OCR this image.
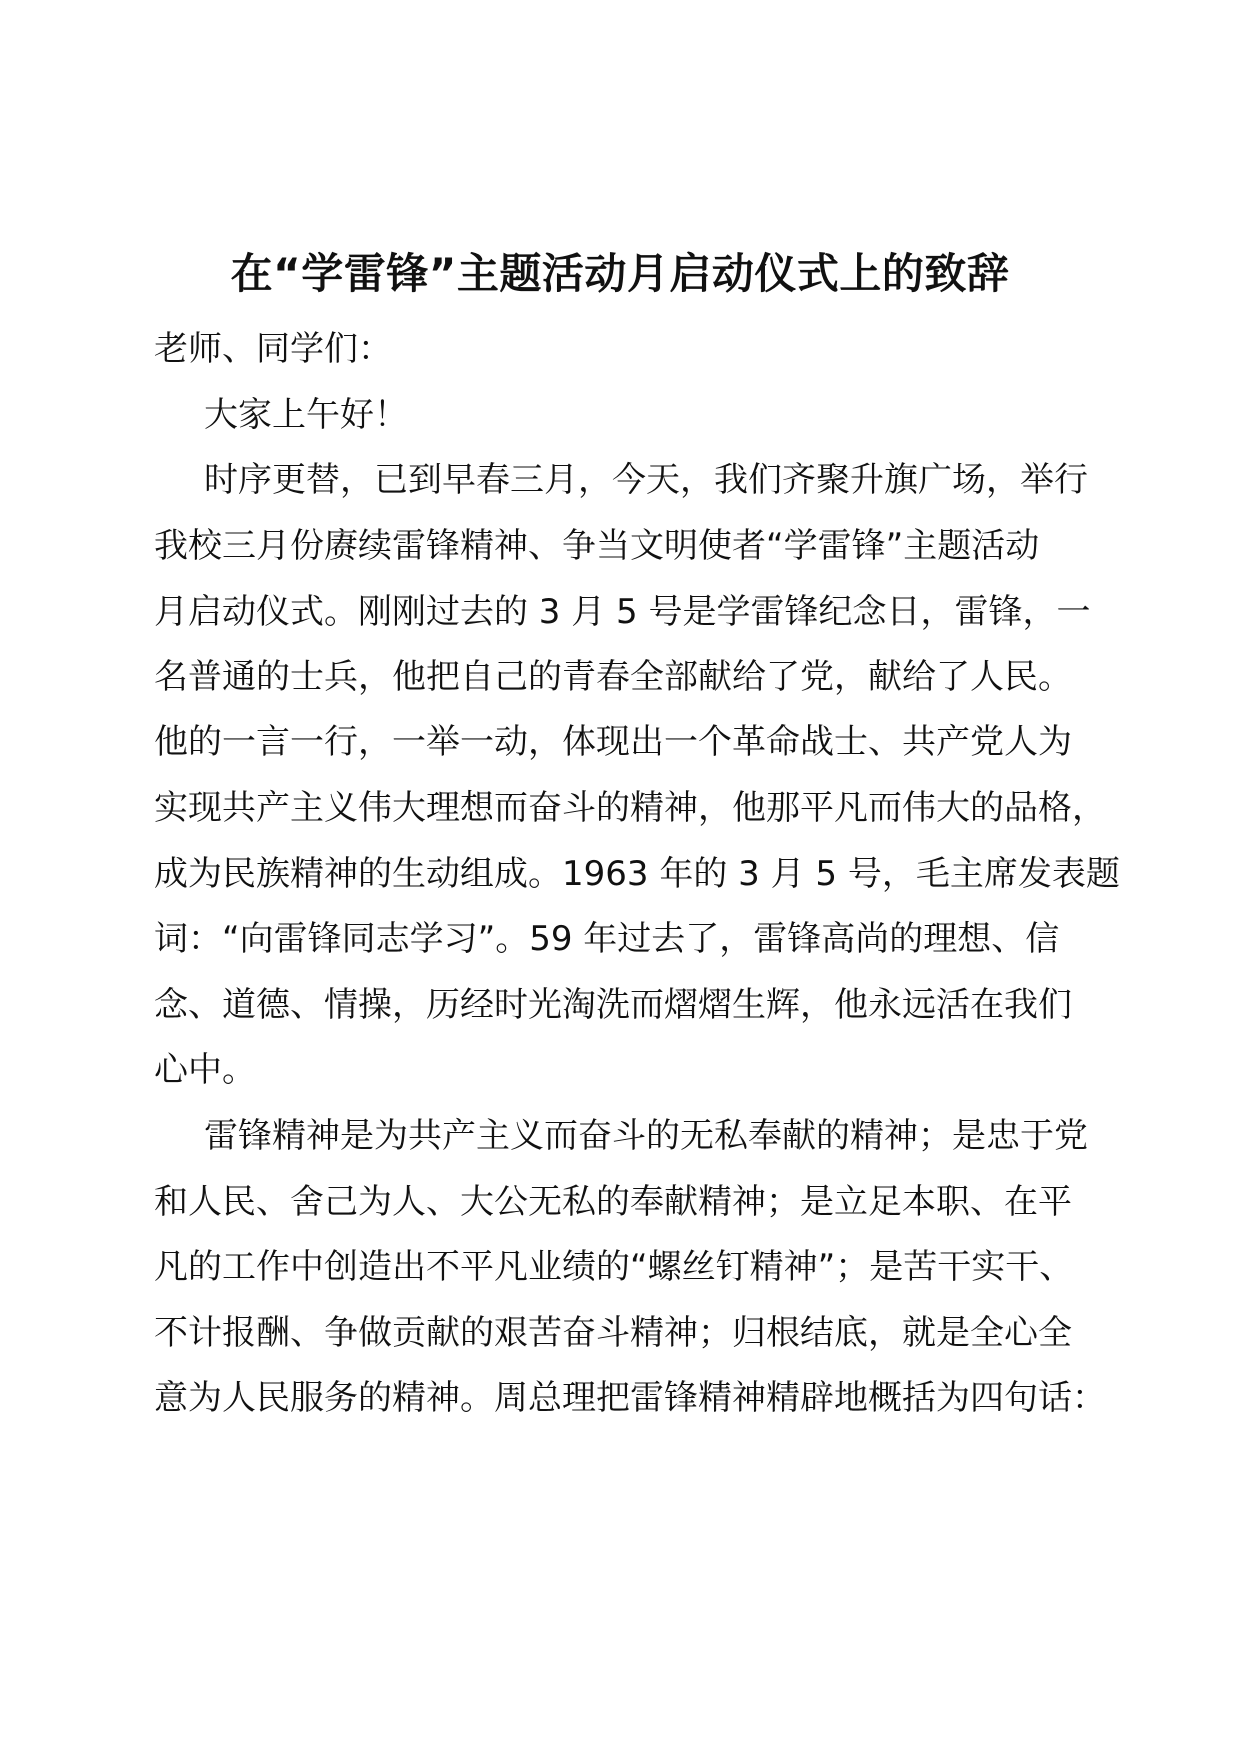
在“学雷锋”主题活动月启动仪式上的致辞
老师、同学们：
大家上午好！
时序更替，已到早春三月，今天，我们齐聚升旗广场，举行
我校三月份赓续雷锋精神、争当文明使者“学雷锋”主题活动
月启动仪式。刚刚过去的 3 月 5 号是学雷锋纪念日，雷锋，一
名普通的士兵，他把自己的青春全部献给了党，献给了人民。
他的一言一行，一举一动，体现出一个革命战士、共产党人为
实现共产主义伟大理想而奋斗的精神，他那平凡而伟大的品格，
成为民族精神的生动组成。1963 年的 3 月 5 号，毛主席发表题
词：“向雷锋同志学习”。59 年过去了，雷锋高尚的理想、信
念、道德、情操，历经时光淘洗而熠熠生辉，他永远活在我们
心中。
雷锋精神是为共产主义而奋斗的无私奉献的精神；是忠于党
和人民、舍己为人、大公无私的奉献精神；是立足本职、在平
凡的工作中创造出不平凡业绩的“螺丝钉精神”；是苦干实干、
不计报酬、争做贡献的艰苦奋斗精神；归根结底，就是全心全
意为人民服务的精神。周总理把雷锋精神精辟地概括为四句话：
